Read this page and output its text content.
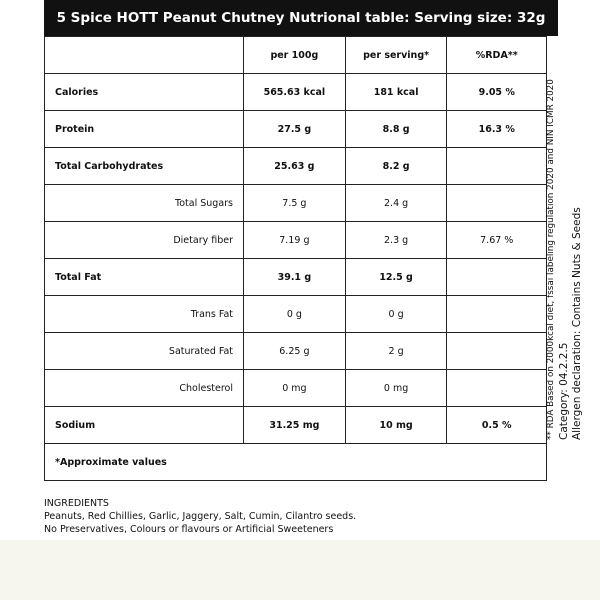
5 Spice HOTT Peanut Chutney Nutrional table: Serving size: 32g
	per 100g	per serving*	%RDA**
Calories	565.63 kcal	181 kcal	9.05 %
Protein	27.5 g	8.8 g	16.3 %
Total Carbohydrates	25.63 g	8.2 g	
Total Sugars	7.5 g	2.4 g	
Dietary fiber	7.19 g	2.3 g	7.67 %
Total Fat	39.1 g	12.5 g	
Trans Fat	0 g	0 g	
Saturated Fat	6.25 g	2 g	
Cholesterol	0 mg	0 mg	
Sodium	31.25 mg	10 mg	0.5 %
*Approximate values			
INGREDIENTS
Peanuts, Red Chillies, Garlic, Jaggery, Salt, Cumin, Cilantro seeds.
No Preservatives, Colours or flavours or Artificial Sweeteners
** RDA Based on 2000kcal diet, fssai labeling regulation 2020 and NIN ICMR 2020 Category: 04.2.2.5 Allergen declaration: Contains Nuts & Seeds
